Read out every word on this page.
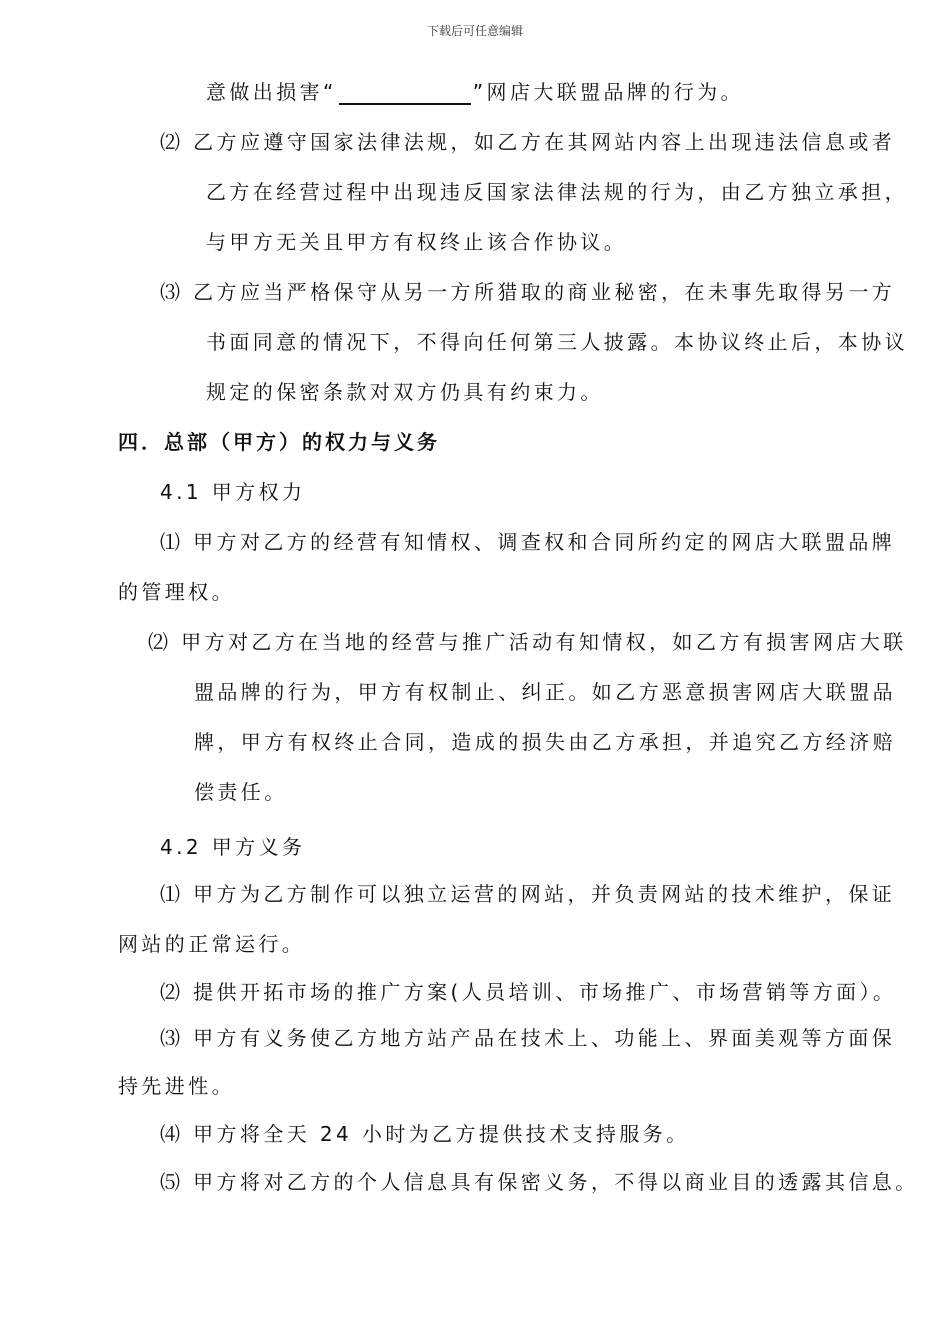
下载后可任意编辑
意做出损害“	”网店大联盟品牌的行为。
⑵ 乙方应遵守国家法律法规，如乙方在其网站内容上出现违法信息或者
乙方在经营过程中出现违反国家法律法规的行为，由乙方独立承担，
与甲方无关且甲方有权终止该合作协议。
⑶ 乙方应当严格保守从另一方所猎取的商业秘密，在未事先取得另一方
书面同意的情况下，不得向任何第三人披露。本协议终止后，本协议
规定的保密条款对双方仍具有约束力。
四．总部（甲方）的权力与义务
4.1 甲方权力
⑴ 甲方对乙方的经营有知情权、调查权和合同所约定的网店大联盟品牌
的管理权。
⑵ 甲方对乙方在当地的经营与推广活动有知情权，如乙方有损害网店大联
盟品牌的行为，甲方有权制止、纠正。如乙方恶意损害网店大联盟品
牌，甲方有权终止合同，造成的损失由乙方承担，并追究乙方经济赔
偿责任。
4.2 甲方义务
⑴ 甲方为乙方制作可以独立运营的网站，并负责网站的技术维护，保证
网站的正常运行。
⑵ 提供开拓市场的推广方案(人员培训、市场推广、市场营销等方面）。
⑶ 甲方有义务使乙方地方站产品在技术上、功能上、界面美观等方面保
持先进性。
⑷ 甲方将全天 24 小时为乙方提供技术支持服务。
⑸ 甲方将对乙方的个人信息具有保密义务，不得以商业目的透露其信息。
